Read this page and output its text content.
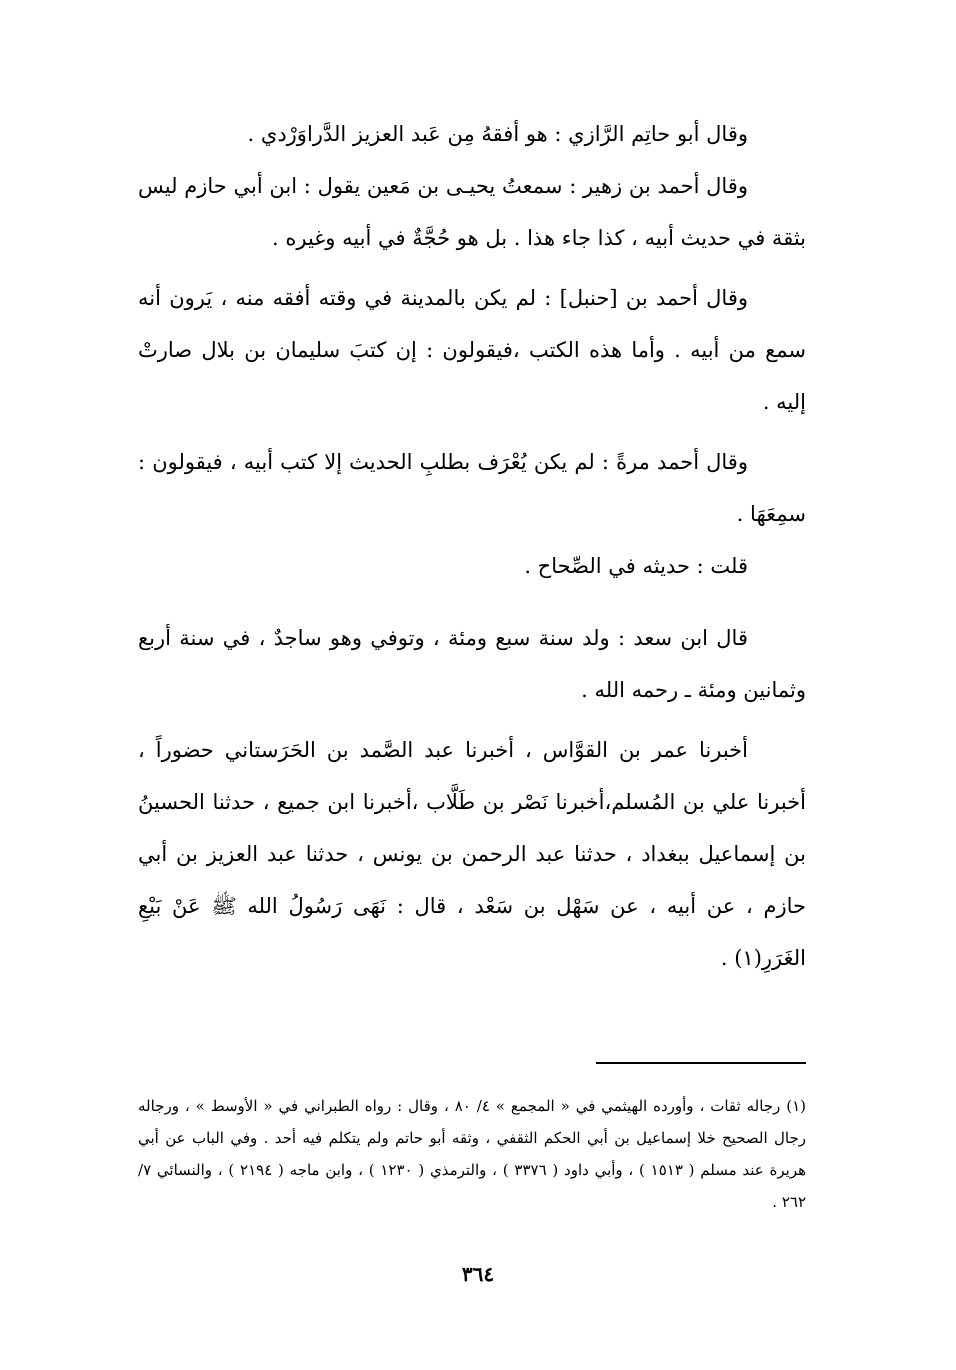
وقال أبو حاتِم الرَّازي : هو أفقهُ مِن عَبد العزيز الدَّراوَرْدي .

وقال أحمد بن زهير : سمعتُ يحيـى بن مَعين يقول : ابن أبي حازم ليس بثقة في حديث أبيه ، كذا جاء هذا . بل هو حُجَّةٌ في أبيه وغيره .

وقال أحمد بن [حنبل] : لم يكن بالمدينة في وقته أفقه منه ، يَرون أنه سمع من أبيه . وأما هذه الكتب ،فيقولون : إن كتبَ سليمان بن بلال صارتْ إليه .

وقال أحمد مرةً : لم يكن يُعْرَف بطلبِ الحديث إلا كتب أبيه ، فيقولون : سمِعَهَا .

قلت : حديثه في الصِّحاح .

قال ابن سعد : ولد سنة سبع ومئة ، وتوفي وهو ساجدٌ ، في سنة أربع وثمانين ومئة ـ رحمه الله .

أخبرنا عمر بن القوَّاس ، أخبرنا عبد الصَّمد بن الحَرَستاني حضوراً ، أخبرنا علي بن المُسلم،أخبرنا نَصْر بن طَلَّاب ،أخبرنا ابن جميع ، حدثنا الحسينُ بن إسماعيل ببغداد ، حدثنا عبد الرحمن بن يونس ، حدثنا عبد العزيز بن أبي حازم ، عن أبيه ، عن سَهْل بن سَعْد ، قال : نَهَى رَسُولُ الله ﷺ عَنْ بَيْعِ الغَرَرِ(١) .

(١) رجاله ثقات ، وأورده الهيثمي في « المجمع » ٤/ ٨٠ ، وقال : رواه الطبراني في « الأوسط » ، ورجاله رجال الصحيح خلا إسماعيل بن أبي الحكم الثقفي ، وثقه أبو حاتم ولم يتكلم فيه أحد . وفي الباب عن أبي هريرة عند مسلم ( ١٥١٣ ) ، وأبي داود ( ٣٣٧٦ ) ، والترمذي ( ١٢٣٠ ) ، وابن ماجه ( ٢١٩٤ ) ، والنسائي ٧/ ٢٦٢ .

٣٦٤
